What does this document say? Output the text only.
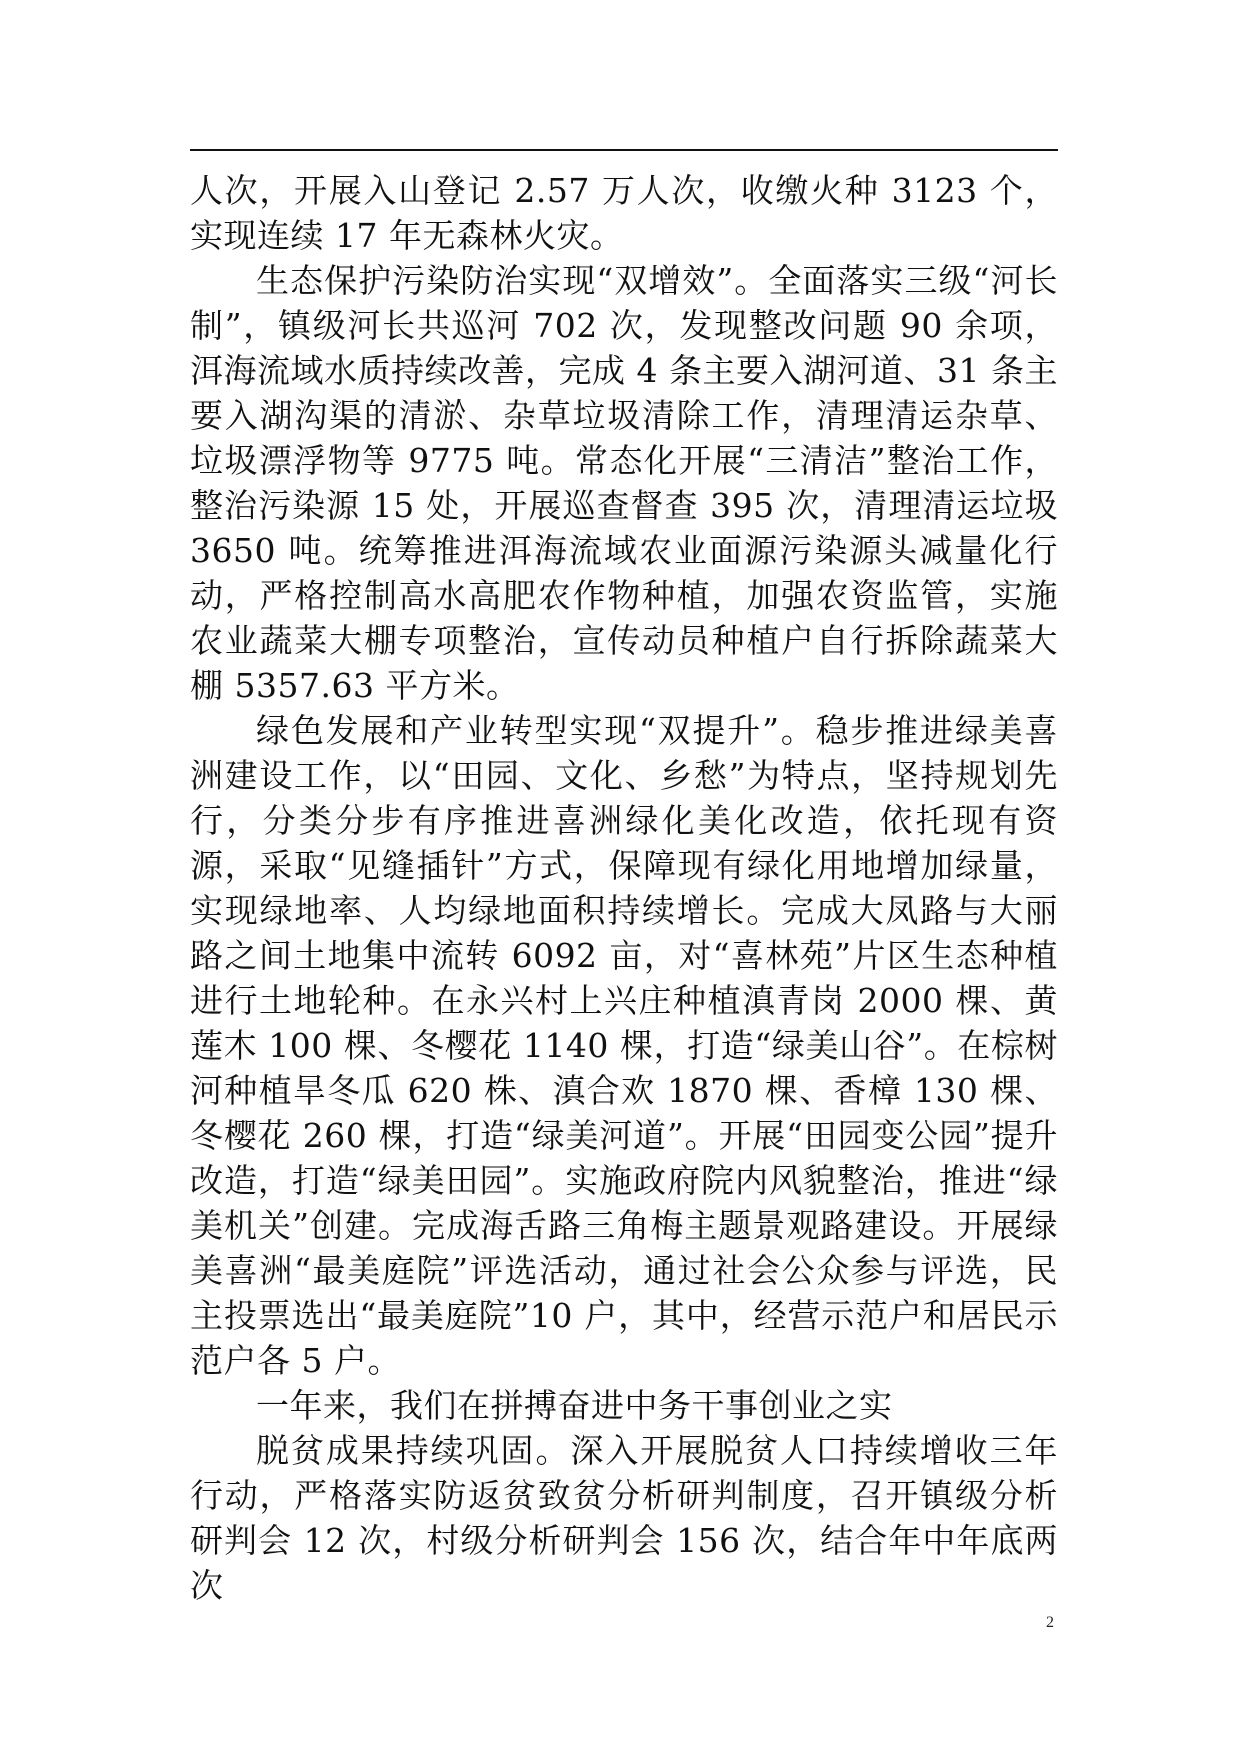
人次，开展入山登记 2.57 万人次，收缴火种 3123 个，实现连续 17 年无森林火灾。

生态保护污染防治实现“双增效”。全面落实三级“河长制”，镇级河长共巡河 702 次，发现整改问题 90 余项，洱海流域水质持续改善，完成 4 条主要入湖河道、31 条主要入湖沟渠的清淤、杂草垃圾清除工作，清理清运杂草、垃圾漂浮物等 9775 吨。常态化开展“三清洁”整治工作，整治污染源 15 处，开展巡查督查 395 次，清理清运垃圾 3650 吨。统筹推进洱海流域农业面源污染源头减量化行动，严格控制高水高肥农作物种植，加强农资监管，实施农业蔬菜大棚专项整治，宣传动员种植户自行拆除蔬菜大棚 5357.63 平方米。

绿色发展和产业转型实现“双提升”。稳步推进绿美喜洲建设工作，以“田园、文化、乡愁”为特点，坚持规划先行，分类分步有序推进喜洲绿化美化改造，依托现有资源，采取“见缝插针”方式，保障现有绿化用地增加绿量，实现绿地率、人均绿地面积持续增长。完成大凤路与大丽路之间土地集中流转 6092 亩，对“喜林苑”片区生态种植进行土地轮种。在永兴村上兴庄种植滇青岗 2000 棵、黄莲木 100 棵、冬樱花 1140 棵，打造“绿美山谷”。在棕树河种植旱冬瓜 620 株、滇合欢 1870 棵、香樟 130 棵、冬樱花 260 棵，打造“绿美河道”。开展“田园变公园”提升改造，打造“绿美田园”。实施政府院内风貌整治，推进“绿美机关”创建。完成海舌路三角梅主题景观路建设。开展绿美喜洲“最美庭院”评选活动，通过社会公众参与评选，民主投票选出“最美庭院”10 户，其中，经营示范户和居民示范户各 5 户。

一年来，我们在拼搏奋进中务干事创业之实

脱贫成果持续巩固。深入开展脱贫人口持续增收三年行动，严格落实防返贫致贫分析研判制度，召开镇级分析研判会 12 次，村级分析研判会 156 次，结合年中年底两次

2
